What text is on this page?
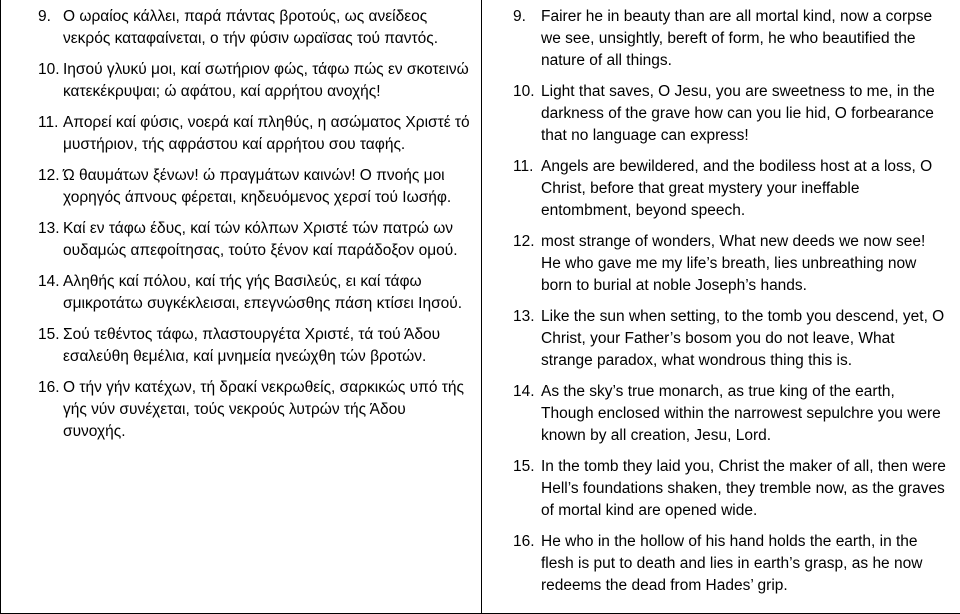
9. Ο ωραίος κάλλει, παρά πάντας βροτούς, ως ανείδεος νεκρός καταφαίνεται, ο τήν φύσιν ωραϊσας τού παντός.
10. Ιησού γλυκύ μοι, καί σωτήριον φώς, τάφω πώς εν σκοτεινώ κατεκέκρυψαι; ώ αφάτου, καί αρρήτου ανοχής!
11. Απορεί καί φύσις, νοερά καί πληθύς, η ασώματος Χριστέ τό μυστήριον, τής αφράστου καί αρρήτου σου ταφής.
12. Ώ θαυμάτων ξένων! ώ πραγμάτων καινών! Ο πνοής μοι χορηγός άπνους φέρεται, κηδευόμενος χερσί τού Ιωσήφ.
13. Καί εν τάφω έδυς, καί τών κόλπων Χριστέ τών πατρώ ων ουδαμώς απεφοίτησας, τούτο ξένον καί παράδοξον ομού.
14. Αληθής καί πόλου, καί τής γής Βασιλεύς, ει καί τάφω σμικροτάτω συγκέκλεισαι, επεγνώσθης πάση κτίσει Ιησού.
15. Σού τεθέντος τάφω, πλαστουργέτα Χριστέ, τά τού Άδου εσαλεύθη θεμέλια, καί μνημεία ηνεώχθη τών βροτών.
16. Ο τήν γήν κατέχων, τή δρακί νεκρωθείς, σαρκικώς υπό τής γής νύν συνέχεται, τούς νεκρούς λυτρών τής Άδου συνοχής.
9. Fairer he in beauty than are all mortal kind, now a corpse we see, unsightly, bereft of form, he who beautified the nature of all things.
10. Light that saves, O Jesu, you are sweetness to me, in the darkness of the grave how can you lie hid, O forbearance that no language can express!
11. Angels are bewildered, and the bodiless host at a loss, O Christ, before that great mystery your ineffable entombment, beyond speech.
12. most strange of wonders, What new deeds we now see! He who gave me my life’s breath, lies unbreathing now born to burial at noble Joseph’s hands.
13. Like the sun when setting, to the tomb you descend, yet, O Christ, your Father’s bosom you do not leave, What strange paradox, what wondrous thing this is.
14. As the sky’s true monarch, as true king of the earth, Though enclosed within the narrowest sepulchre you were known by all creation, Jesu, Lord.
15. In the tomb they laid you, Christ the maker of all, then were Hell’s foundations shaken, they tremble now, as the graves of mortal kind are opened wide.
16. He who in the hollow of his hand holds the earth, in the flesh is put to death and lies in earth’s grasp, as he now redeems the dead from Hades’ grip.
